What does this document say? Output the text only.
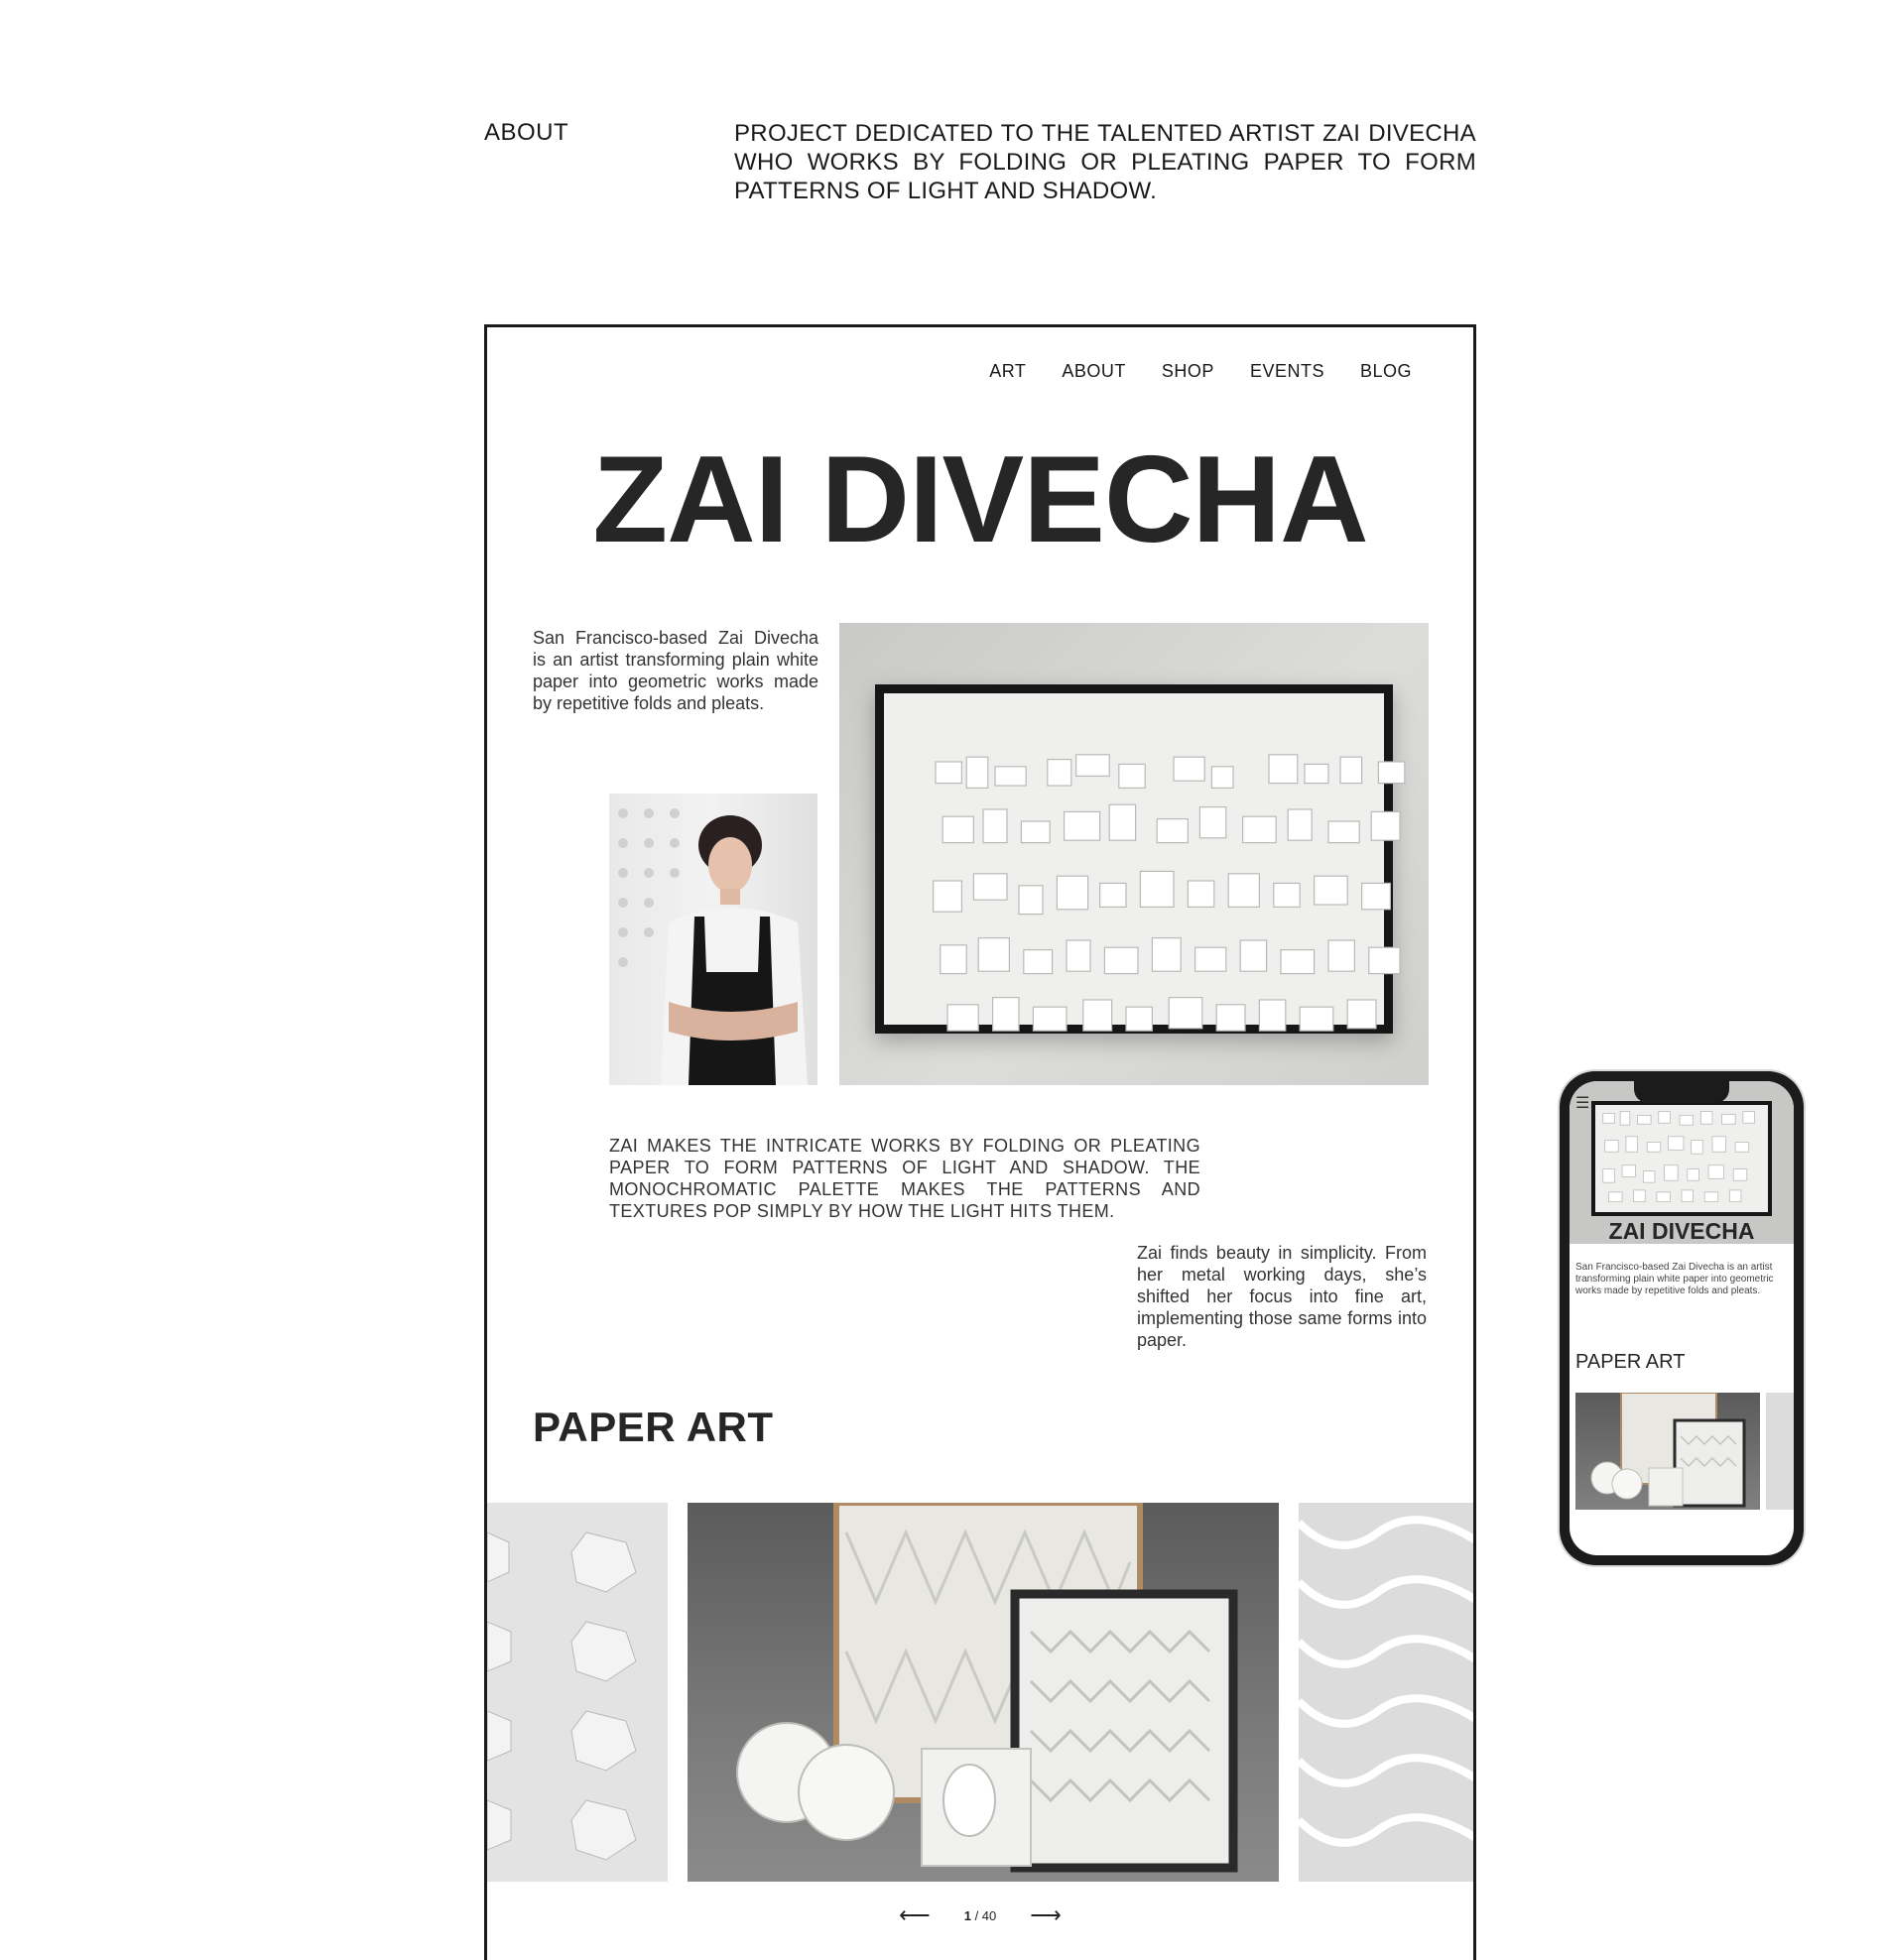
ABOUT	PROJECT DEDICATED TO THE TALENTED ARTIST ZAI DIVECHA WHO WORKS BY FOLDING OR PLEATING PAPER TO FORM PATTERNS OF LIGHT AND SHADOW.
ART ABOUT SHOP EVENTS BLOG
ZAI DIVECHA

San Francisco-based Zai Divecha is an artist transforming plain white paper into geometric works made by repetitive folds and pleats.

ZAI MAKES THE INTRICATE WORKS BY FOLDING OR PLEATING PAPER TO FORM PATTERNS OF LIGHT AND SHADOW. THE MONOCHROMATIC PALETTE MAKES THE PATTERNS AND TEXTURES POP SIMPLY BY HOW THE LIGHT HITS THEM.

Zai finds beauty in simplicity. From her metal working days, she’s shifted her focus into fine art, implementing those same forms into paper.

PAPER ART
⟵	1 / 40 ⟶
☰
ZAI DIVECHA

San Francisco-based Zai Divecha is an artist transforming plain white paper into geometric works made by repetitive folds and pleats.

PAPER ART
